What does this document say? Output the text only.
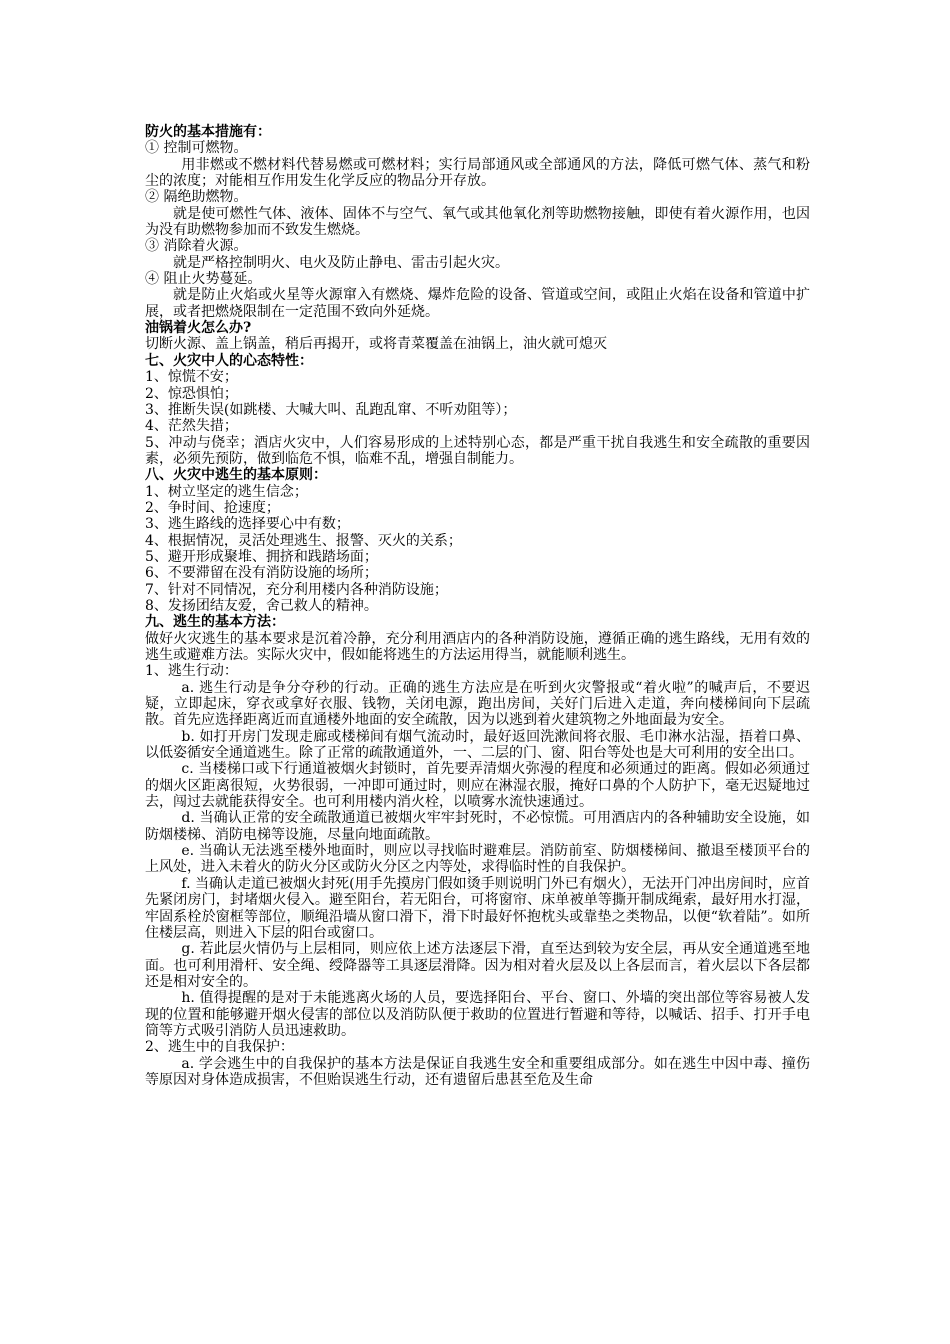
防火的基本措施有：

① 控制可燃物。

用非燃或不燃材料代替易燃或可燃材料；实行局部通风或全部通风的方法，降低可燃气体、蒸气和粉尘的浓度；对能相互作用发生化学反应的物品分开存放。

② 隔绝助燃物。

就是使可燃性气体、液体、固体不与空气、氧气或其他氧化剂等助燃物接触，即使有着火源作用，也因为没有助燃物参加而不致发生燃烧。

③ 消除着火源。

就是严格控制明火、电火及防止静电、雷击引起火灾。

④ 阻止火势蔓延。

就是防止火焰或火星等火源窜入有燃烧、爆炸危险的设备、管道或空间，或阻止火焰在设备和管道中扩展，或者把燃烧限制在一定范围不致向外延烧。

油锅着火怎么办?

切断火源、盖上锅盖，稍后再揭开，或将青菜覆盖在油锅上，油火就可熄灭

七、火灾中人的心态特性：

1、惊慌不安；

2、惊恐惧怕；

3、推断失误(如跳楼、大喊大叫、乱跑乱窜、不听劝阻等）；

4、茫然失措；

5、冲动与侥幸；酒店火灾中，人们容易形成的上述特别心态，都是严重干扰自我逃生和安全疏散的重要因素，必须先预防，做到临危不惧，临难不乱，增强自制能力。

八、火灾中逃生的基本原则：

1、树立坚定的逃生信念；

2、争时间、抢速度；

3、逃生路线的选择要心中有数；

4、根据情况，灵活处理逃生、报警、灭火的关系；

5、避开形成聚堆、拥挤和践踏场面；

6、不要滞留在没有消防设施的场所；

7、针对不同情况，充分利用楼内各种消防设施；

8、发扬团结友爱，舍己救人的精神。

九、逃生的基本方法：

做好火灾逃生的基本要求是沉着冷静，充分利用酒店内的各种消防设施，遵循正确的逃生路线，无用有效的逃生或避难方法。实际火灾中，假如能将逃生的方法运用得当，就能顺利逃生。

1、逃生行动：

a. 逃生行动是争分夺秒的行动。正确的逃生方法应是在听到火灾警报或“着火啦”的喊声后，不要迟疑，立即起床，穿衣或拿好衣服、钱物，关闭电源，跑出房间，关好门后进入走道，奔向楼梯间向下层疏散。首先应选择距离近而直通楼外地面的安全疏散，因为以逃到着火建筑物之外地面最为安全。

b. 如打开房门发现走廊或楼梯间有烟气流动时，最好返回洗漱间将衣服、毛巾淋水沾湿，捂着口鼻、以低姿循安全通道逃生。除了正常的疏散通道外，一、二层的门、窗、阳台等处也是大可利用的安全出口。

c. 当楼梯口或下行通道被烟火封锁时，首先要弄清烟火弥漫的程度和必须通过的距离。假如必须通过的烟火区距离很短，火势很弱，一冲即可通过时，则应在淋湿衣服，掩好口鼻的个人防护下，毫无迟疑地过去，闯过去就能获得安全。也可利用楼内消火栓，以喷雾水流快速通过。

d. 当确认正常的安全疏散通道已被烟火牢牢封死时，不必惊慌。可用酒店内的各种辅助安全设施，如防烟楼梯、消防电梯等设施，尽量向地面疏散。

e. 当确认无法逃至楼外地面时，则应以寻找临时避难层。消防前室、防烟楼梯间、撤退至楼顶平台的上风处，进入未着火的防火分区或防火分区之内等处，求得临时性的自我保护。

f. 当确认走道已被烟火封死(用手先摸房门假如烫手则说明门外已有烟火），无法开门冲出房间时，应首先紧闭房门，封堵烟火侵入。避至阳台，若无阳台，可将窗帘、床单被单等撕开制成绳索，最好用水打湿，牢固系栓於窗框等部位，顺绳沿墙从窗口滑下，滑下时最好怀抱枕头或靠垫之类物品，以便“软着陆”。如所住楼层高，则进入下层的阳台或窗口。

g. 若此层火情仍与上层相同，则应依上述方法逐层下滑，直至达到较为安全层，再从安全通道逃至地面。也可利用滑杆、安全绳、绶降器等工具逐层滑降。因为相对着火层及以上各层而言，着火层以下各层都还是相对安全的。

h. 值得提醒的是对于未能逃离火场的人员，要选择阳台、平台、窗口、外墙的突出部位等容易被人发现的位置和能够避开烟火侵害的部位以及消防队便于救助的位置进行暂避和等待，以喊话、招手、打开手电筒等方式吸引消防人员迅速救助。

2、逃生中的自我保护：

a. 学会逃生中的自我保护的基本方法是保证自我逃生安全和重要组成部分。如在逃生中因中毒、撞伤等原因对身体造成损害，不但贻误逃生行动，还有遗留后患甚至危及生命
